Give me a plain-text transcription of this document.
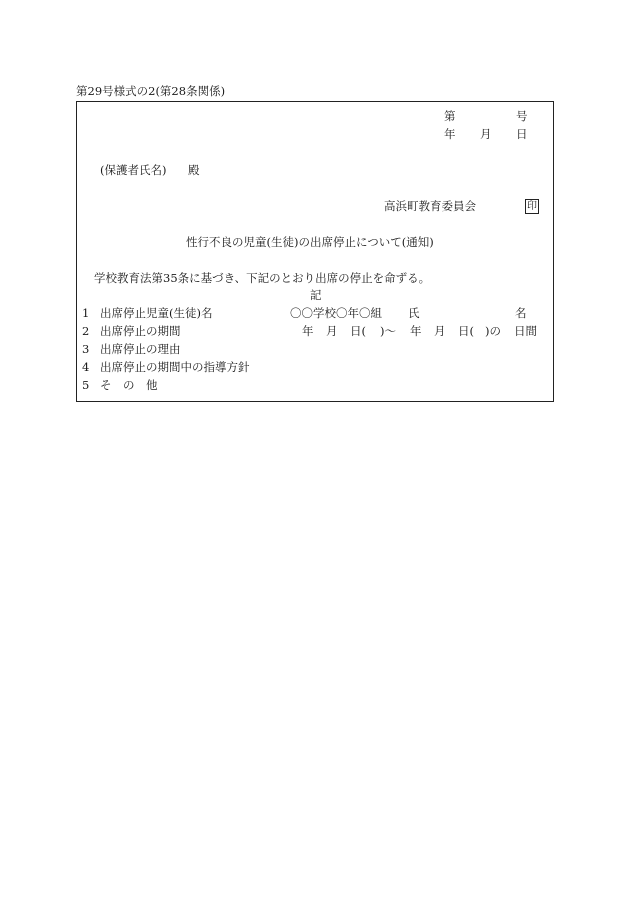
第29号様式の2(第28条関係)
第	号
年 月 日
(保護者氏名) 殿
高浜町教育委員会	印
性行不良の児童(生徒)の出席停止について(通知)
学校教育法第35条に基づき、下記のとおり出席の停止を命ずる。
記
1 出席停止児童(生徒)名	〇〇学校〇年〇組 氏	名
2 出席停止の期間	年 月 日( )〜 年 月 日( )の 日間
3 出席停止の理由
4 出席停止の期間中の指導方針
5 そ　の　他
